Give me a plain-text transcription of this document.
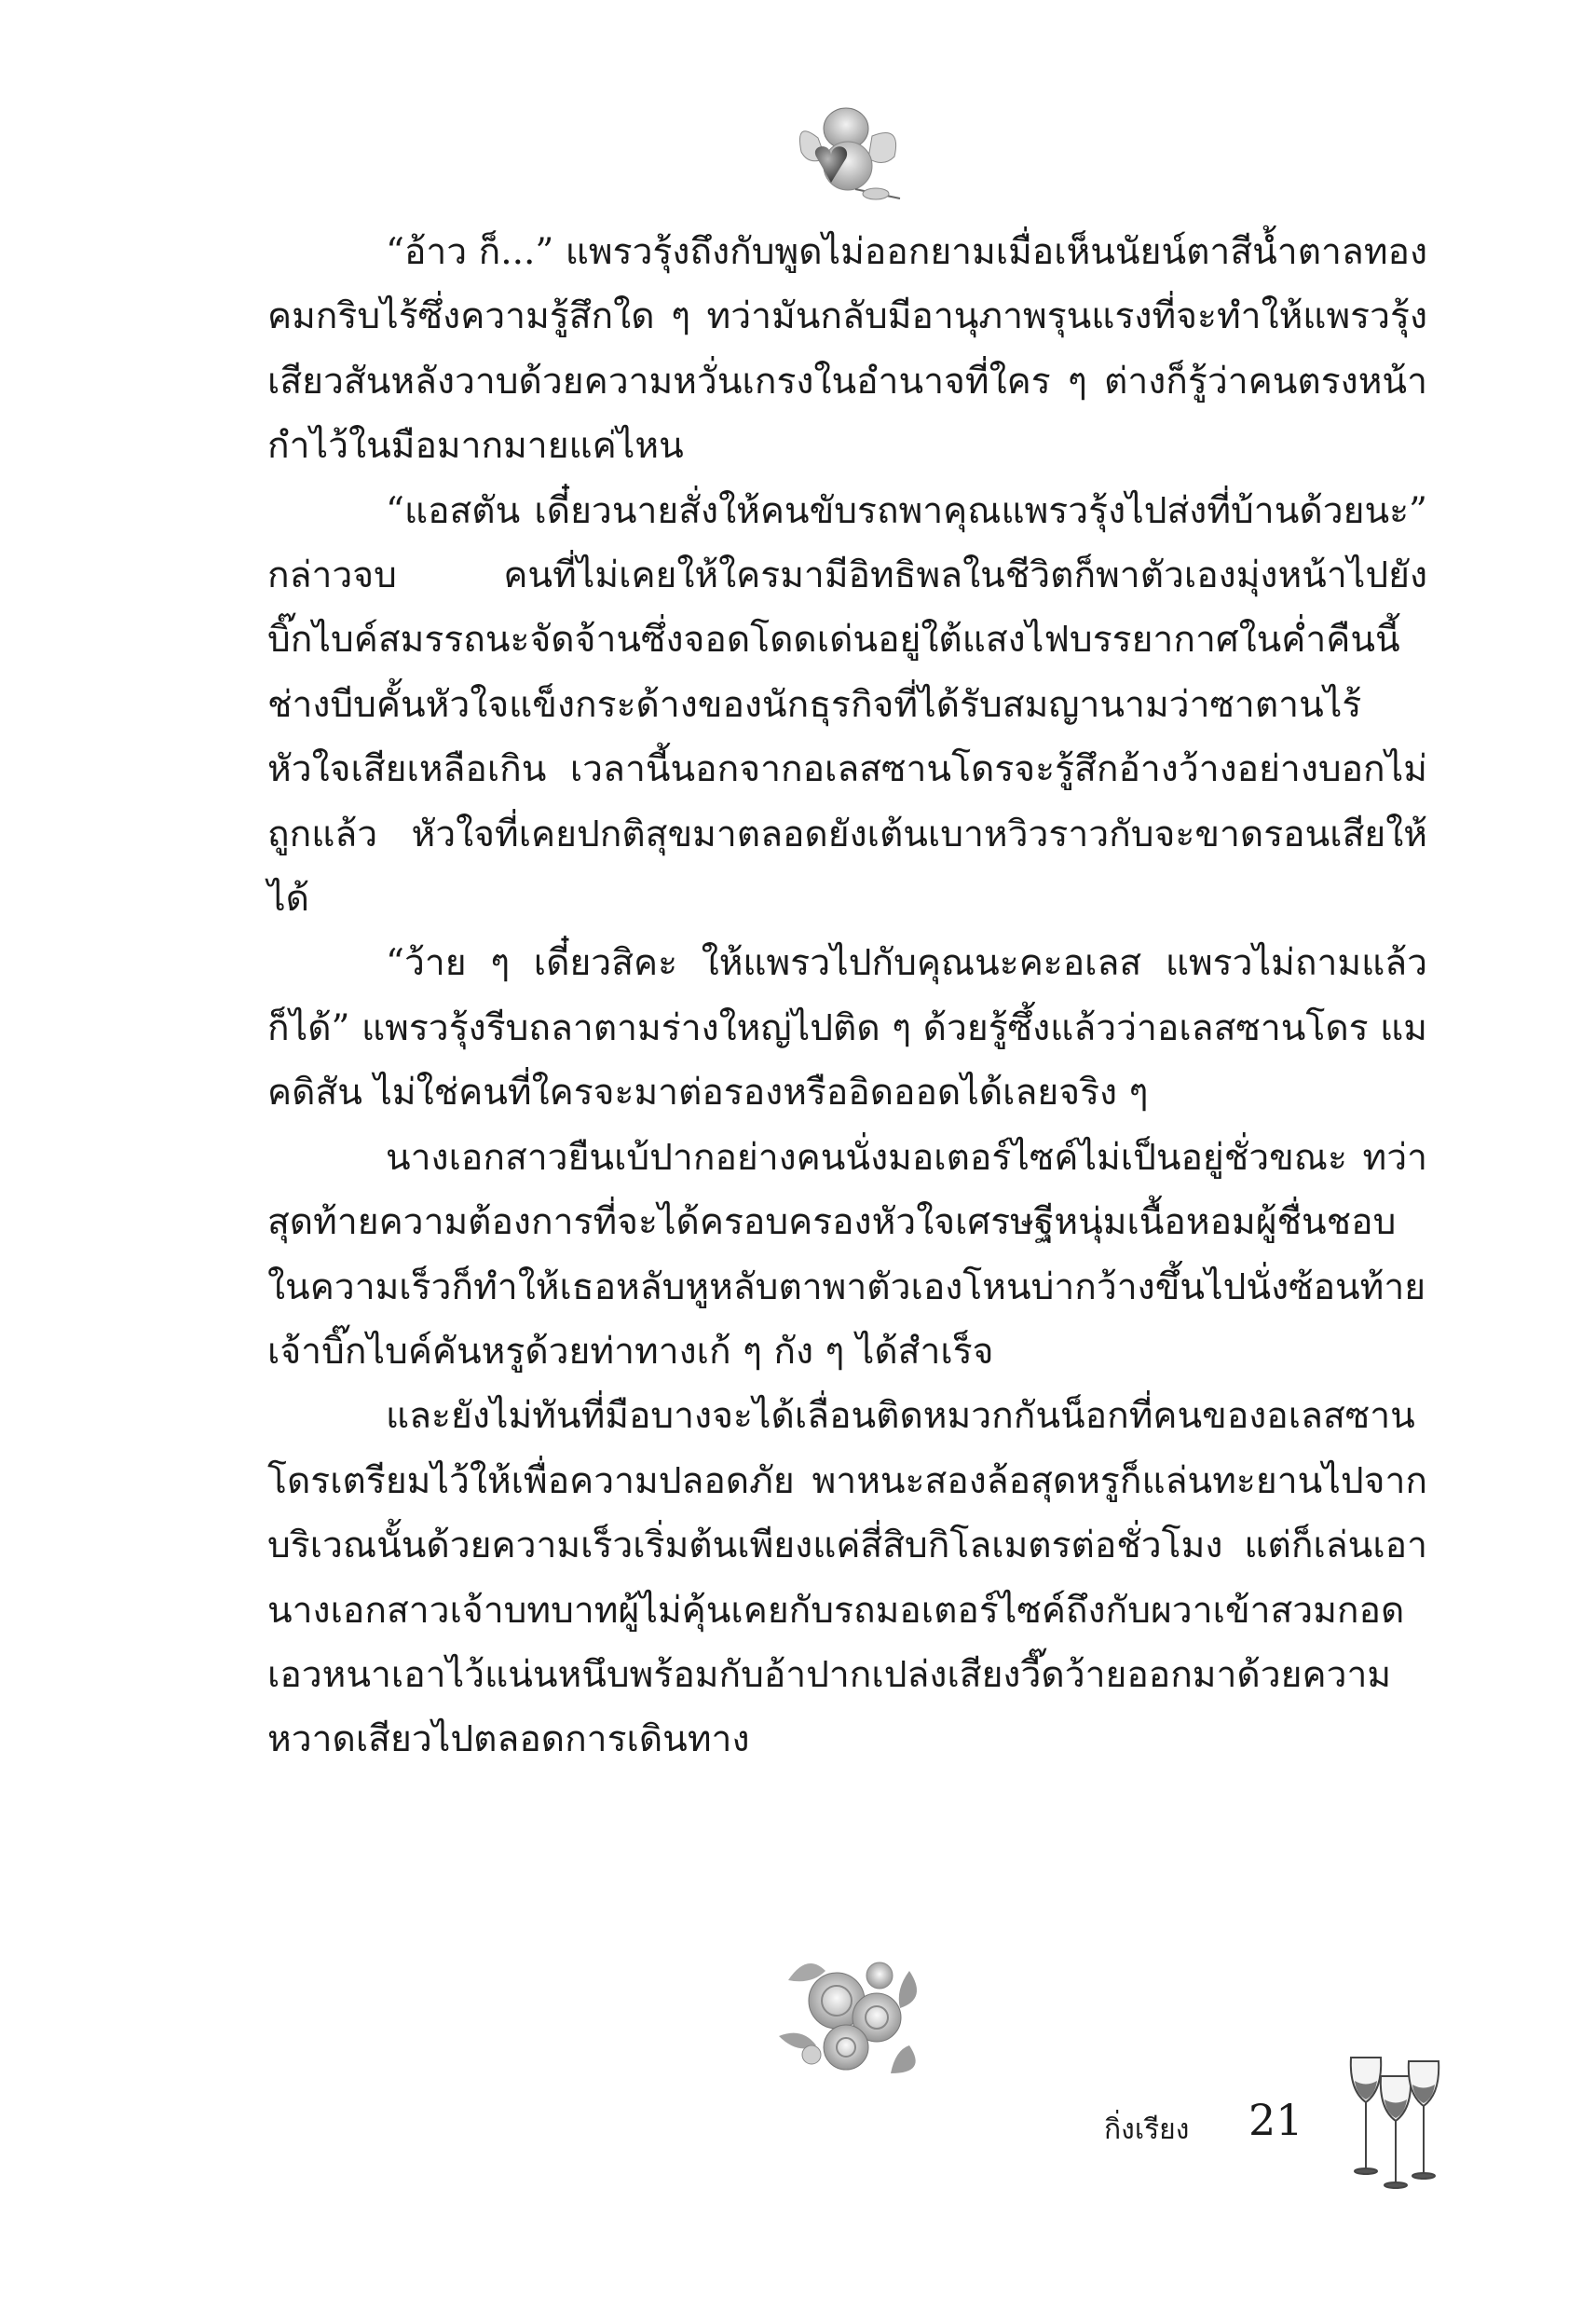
“อ้าว ก็...” แพรวรุ้งถึงกับพูดไม่ออกยามเมื่อเห็นนัยน์ตาสีน้ำตาลทองคมกริบไร้ซึ่งความรู้สึกใด ๆ ทว่ามันกลับมีอานุภาพรุนแรงที่จะทำให้แพรวรุ้งเสียวสันหลังวาบด้วยความหวั่นเกรงในอำนาจที่ใคร ๆ ต่างก็รู้ว่าคนตรงหน้ากำไว้ในมือมากมายแค่ไหน

“แอสตัน เดี๋ยวนายสั่งให้คนขับรถพาคุณแพรวรุ้งไปส่งที่บ้านด้วยนะ” กล่าวจบ คนที่ไม่เคยให้ใครมามีอิทธิพลในชีวิตก็พาตัวเองมุ่งหน้าไปยังบิ๊กไบค์สมรรถนะจัดจ้านซึ่งจอดโดดเด่นอยู่ใต้แสงไฟบรรยากาศในค่ำคืนนี้ช่างบีบคั้นหัวใจแข็งกระด้างของนักธุรกิจที่ได้รับสมญานามว่าซาตานไร้หัวใจเสียเหลือเกิน เวลานี้นอกจากอเลสซานโดรจะรู้สึกอ้างว้างอย่างบอกไม่ถูกแล้ว หัวใจที่เคยปกติสุขมาตลอดยังเต้นเบาหวิวราวกับจะขาดรอนเสียให้ได้

“ว้าย ๆ เดี๋ยวสิคะ ให้แพรวไปกับคุณนะคะอเลส แพรวไม่ถามแล้วก็ได้” แพรวรุ้งรีบถลาตามร่างใหญ่ไปติด ๆ ด้วยรู้ซึ้งแล้วว่าอเลสซานโดร แมคดิสัน ไม่ใช่คนที่ใครจะมาต่อรองหรืออิดออดได้เลยจริง ๆ

นางเอกสาวยืนเบ้ปากอย่างคนนั่งมอเตอร์ไซค์ไม่เป็นอยู่ชั่วขณะ ทว่าสุดท้ายความต้องการที่จะได้ครอบครองหัวใจเศรษฐีหนุ่มเนื้อหอมผู้ชื่นชอบในความเร็วก็ทำให้เธอหลับหูหลับตาพาตัวเองโหนบ่ากว้างขึ้นไปนั่งซ้อนท้ายเจ้าบิ๊กไบค์คันหรูด้วยท่าทางเก้ ๆ กัง ๆ ได้สำเร็จ

และยังไม่ทันที่มือบางจะได้เลื่อนติดหมวกกันน็อกที่คนของอเลสซานโดรเตรียมไว้ให้เพื่อความปลอดภัย พาหนะสองล้อสุดหรูก็แล่นทะยานไปจากบริเวณนั้นด้วยความเร็วเริ่มต้นเพียงแค่สี่สิบกิโลเมตรต่อชั่วโมง แต่ก็เล่นเอานางเอกสาวเจ้าบทบาทผู้ไม่คุ้นเคยกับรถมอเตอร์ไซค์ถึงกับผวาเข้าสวมกอดเอวหนาเอาไว้แน่นหนึบพร้อมกับอ้าปากเปล่งเสียงวี๊ดว้ายออกมาด้วยความหวาดเสียวไปตลอดการเดินทาง

กิ่งเรียง 21
